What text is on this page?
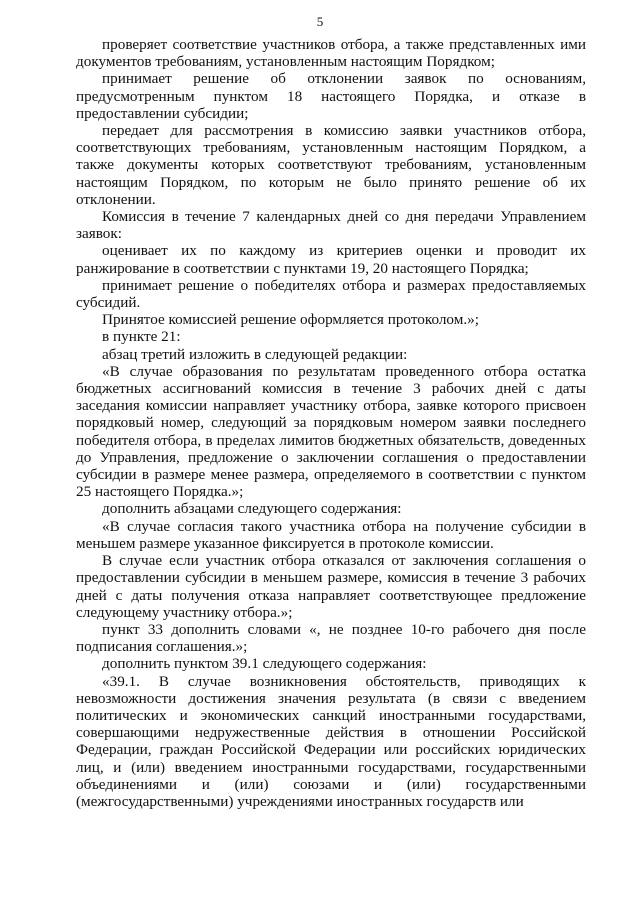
5

проверяет соответствие участников отбора, а также представленных ими документов требованиям, установленным настоящим Порядком;

принимает решение об отклонении заявок по основаниям, предусмотренным пунктом 18 настоящего Порядка, и отказе в предоставлении субсидии;

передает для рассмотрения в комиссию заявки участников отбора, соответствующих требованиям, установленным настоящим Порядком, а также документы которых соответствуют требованиям, установленным настоящим Порядком, по которым не было принято решение об их отклонении.

Комиссия в течение 7 календарных дней со дня передачи Управлением заявок:

оценивает их по каждому из критериев оценки и проводит их ранжирование в соответствии с пунктами 19, 20 настоящего Порядка;

принимает решение о победителях отбора и размерах предоставляемых субсидий.

Принятое комиссией решение оформляется протоколом.»;

в пункте 21:

абзац третий изложить в следующей редакции:

«В случае образования по результатам проведенного отбора остатка бюджетных ассигнований комиссия в течение 3 рабочих дней с даты заседания комиссии направляет участнику отбора, заявке которого присвоен порядковый номер, следующий за порядковым номером заявки последнего победителя отбора, в пределах лимитов бюджетных обязательств, доведенных до Управления, предложение о заключении соглашения о предоставлении субсидии в размере менее размера, определяемого в соответствии с пунктом 25 настоящего Порядка.»;

дополнить абзацами следующего содержания:

«В случае согласия такого участника отбора на получение субсидии в меньшем размере указанное фиксируется в протоколе комиссии.

В случае если участник отбора отказался от заключения соглашения о предоставлении субсидии в меньшем размере, комиссия в течение 3 рабочих дней с даты получения отказа направляет соответствующее предложение следующему участнику отбора.»;

пункт 33 дополнить словами «, не позднее 10-го рабочего дня после подписания соглашения.»;

дополнить пунктом 39.1 следующего содержания:

«39.1. В случае возникновения обстоятельств, приводящих к невозможности достижения значения результата (в связи с введением политических и экономических санкций иностранными государствами, совершающими недружественные действия в отношении Российской Федерации, граждан Российской Федерации или российских юридических лиц, и (или) введением иностранными государствами, государственными объединениями и (или) союзами и (или) государственными (межгосударственными) учреждениями иностранных государств или
